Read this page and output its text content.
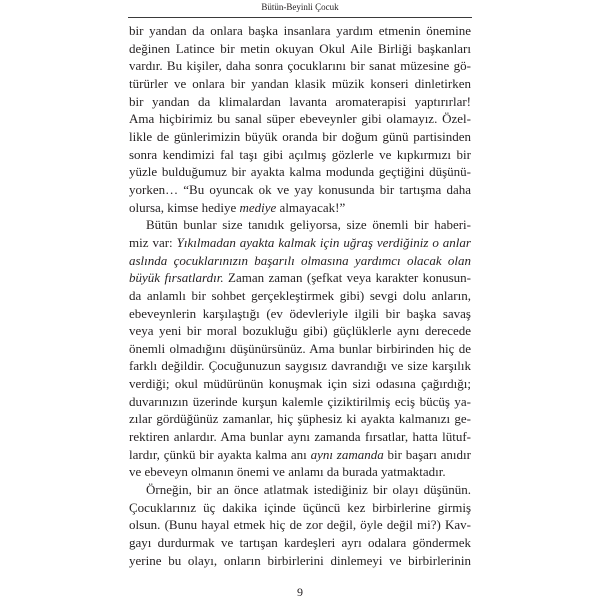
Bütün-Beyinli Çocuk
bir yandan da onlara başka insanlara yardım etmenin önemine
değinen Latince bir metin okuyan Okul Aile Birliği başkanları
vardır. Bu kişiler, daha sonra çocuklarını bir sanat müzesine gö-
türürler ve onlara bir yandan klasik müzik konseri dinletirken
bir yandan da klimalardan lavanta aromaterapisi yaptırırlar!
Ama hiçbirimiz bu sanal süper ebeveynler gibi olamayız. Özel-
likle de günlerimizin büyük oranda bir doğum günü partisinden
sonra kendimizi fal taşı gibi açılmış gözlerle ve kıpkırmızı bir
yüzle bulduğumuz bir ayakta kalma modunda geçtiğini düşünü-
yorken… “Bu oyuncak ok ve yay konusunda bir tartışma daha
olursa, kimse hediye mediye almayacak!”
Bütün bunlar size tanıdık geliyorsa, size önemli bir haberi-
miz var: Yıkılmadan ayakta kalmak için uğraş verdiğiniz o anlar
aslında çocuklarınızın başarılı olmasına yardımcı olacak olan
büyük fırsatlardır. Zaman zaman (şefkat veya karakter konusun-
da anlamlı bir sohbet gerçekleştirmek gibi) sevgi dolu anların,
ebeveynlerin karşılaştığı (ev ödevleriyle ilgili bir başka savaş
veya yeni bir moral bozukluğu gibi) güçlüklerle aynı derecede
önemli olmadığını düşünürsünüz. Ama bunlar birbirinden hiç de
farklı değildir. Çocuğunuzun saygısız davrandığı ve size karşılık
verdiği; okul müdürünün konuşmak için sizi odasına çağırdığı;
duvarınızın üzerinde kurşun kalemle çiziktirilmiş eciş bücüş ya-
zılar gördüğünüz zamanlar, hiç şüphesiz ki ayakta kalmanızı ge-
rektiren anlardır. Ama bunlar aynı zamanda fırsatlar, hatta lütuf-
lardır, çünkü bir ayakta kalma anı aynı zamanda bir başarı anıdır
ve ebeveyn olmanın önemi ve anlamı da burada yatmaktadır.
Örneğin, bir an önce atlatmak istediğiniz bir olayı düşünün.
Çocuklarınız üç dakika içinde üçüncü kez birbirlerine girmiş
olsun. (Bunu hayal etmek hiç de zor değil, öyle değil mi?) Kav-
gayı durdurmak ve tartışan kardeşleri ayrı odalara göndermek
yerine bu olayı, onların birbirlerini dinlemeyi ve birbirlerinin
9
